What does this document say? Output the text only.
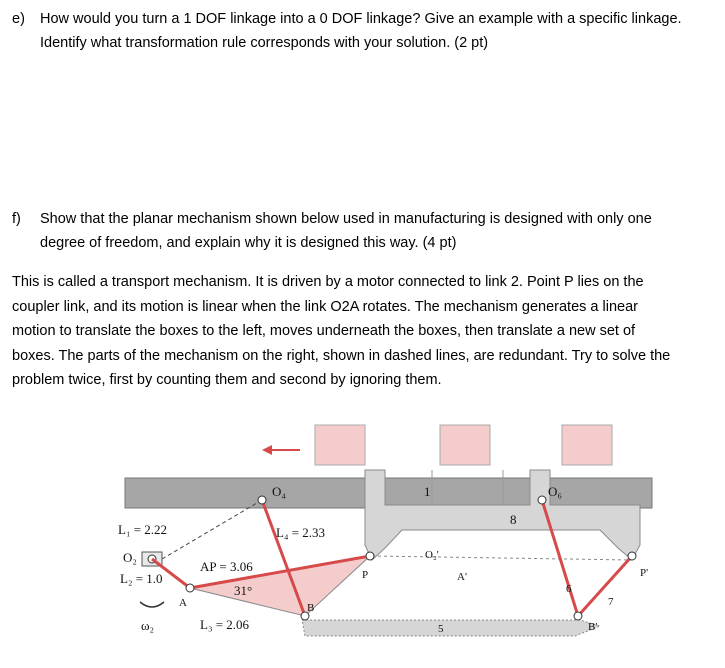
e) How would you turn a 1 DOF linkage into a 0 DOF linkage? Give an example with a specific linkage.
Identify what transformation rule corresponds with your solution. (2 pt)
f) Show that the planar mechanism shown below used in manufacturing is designed with only one
degree of freedom, and explain why it is designed this way. (4 pt)
This is called a transport mechanism. It is driven by a motor connected to link 2. Point P lies on the
coupler link, and its motion is linear when the link O2A rotates. The mechanism generates a linear
motion to translate the boxes to the left, moves underneath the boxes, then translate a new set of
boxes. The parts of the mechanism on the right, shown in dashed lines, are redundant. Try to solve the
problem twice, first by counting them and second by ignoring them.
O₄	O₆
1
8
L₁ = 2.22	L₄ = 2.33
O₂	O₂'
L₂ = 1.0
AP = 3.06
31°
A
P	A'
6
7
P'
B
L₃ = 2.06	5	B'
ω₂
